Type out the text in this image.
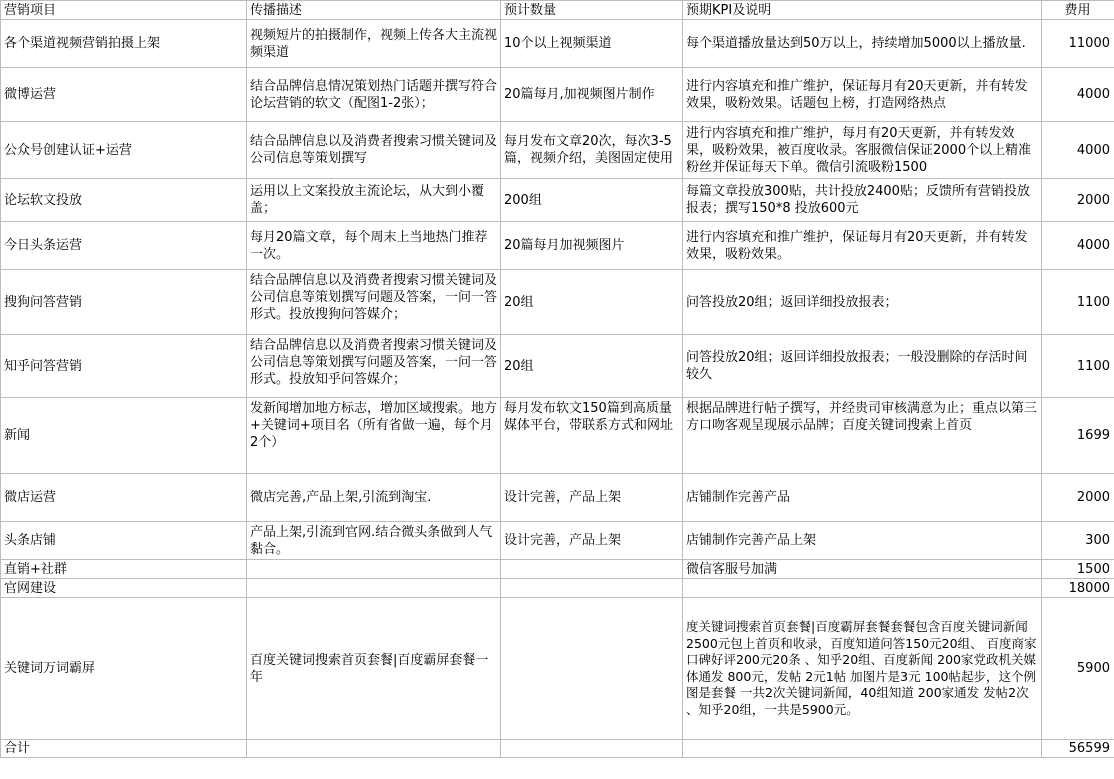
营销项目	传播描述	预计数量	预期KPI及说明	费用
各个渠道视频营销拍摄上架	视频短片的拍摄制作，视频上传各大主流视频渠道	10个以上视频渠道	每个渠道播放量达到50万以上，持续增加5000以上播放量.	11000
微博运营	结合品牌信息情况策划热门话题并撰写符合论坛营销的软文（配图1-2张）；	20篇每月,加视频图片制作	进行内容填充和推广维护，保证每月有20天更新，并有转发效果，吸粉效果。话题包上榜，打造网络热点	4000
公众号创建认证+运营	结合品牌信息以及消费者搜索习惯关键词及公司信息等策划撰写	每月发布文章20次，每次3-5篇，视频介绍，美图固定使用	进行内容填充和推广维护，每月有20天更新，并有转发效果，吸粉效果，被百度收录。客服微信保证2000个以上精准粉丝并保证每天下单。微信引流吸粉1500	4000
论坛软文投放	运用以上文案投放主流论坛，从大到小覆盖；	200组	每篇文章投放300贴，共计投放2400贴；反馈所有营销投放报表；撰写150*8 投放600元	2000
今日头条运营	每月20篇文章，每个周末上当地热门推荐一次。	20篇每月加视频图片	进行内容填充和推广维护，保证每月有20天更新，并有转发效果，吸粉效果。	4000
搜狗问答营销	结合品牌信息以及消费者搜索习惯关键词及公司信息等策划撰写问题及答案，一问一答形式。投放搜狗问答媒介；	20组	问答投放20组；返回详细投放报表；	1100
知乎问答营销	结合品牌信息以及消费者搜索习惯关键词及公司信息等策划撰写问题及答案，一问一答形式。投放知乎问答媒介；	20组	问答投放20组；返回详细投放报表；一般没删除的存活时间较久	1100
新闻	发新闻增加地方标志，增加区域搜索。地方+关键词+项目名（所有省做一遍，每个月2个）	每月发布软文150篇到高质量媒体平台，带联系方式和网址	根据品牌进行帖子撰写，并经贵司审核满意为止；重点以第三方口吻客观呈现展示品牌；百度关键词搜索上首页	1699
微店运营	微店完善,产品上架,引流到淘宝.	设计完善，产品上架	店铺制作完善产品	2000
头条店铺	产品上架,引流到官网.结合微头条做到人气黏合。	设计完善，产品上架	店铺制作完善产品上架	300
直销+社群			微信客服号加满	1500
官网建设				18000
关键词万词霸屏	百度关键词搜索首页套餐|百度霸屏套餐一年		度关键词搜索首页套餐|百度霸屏套餐套餐包含百度关键词新闻 2500元包上首页和收录，百度知道问答150元20组、 百度商家口碑好评200元20条 、知乎20组、百度新闻 200家党政机关媒体通发 800元，发帖 2元1帖 加图片是3元 100帖起步，这个例图是套餐 一共2次关键词新闻，40组知道 200家通发 发帖2次 、知乎20组，一共是5900元。	5900
合计				56599
